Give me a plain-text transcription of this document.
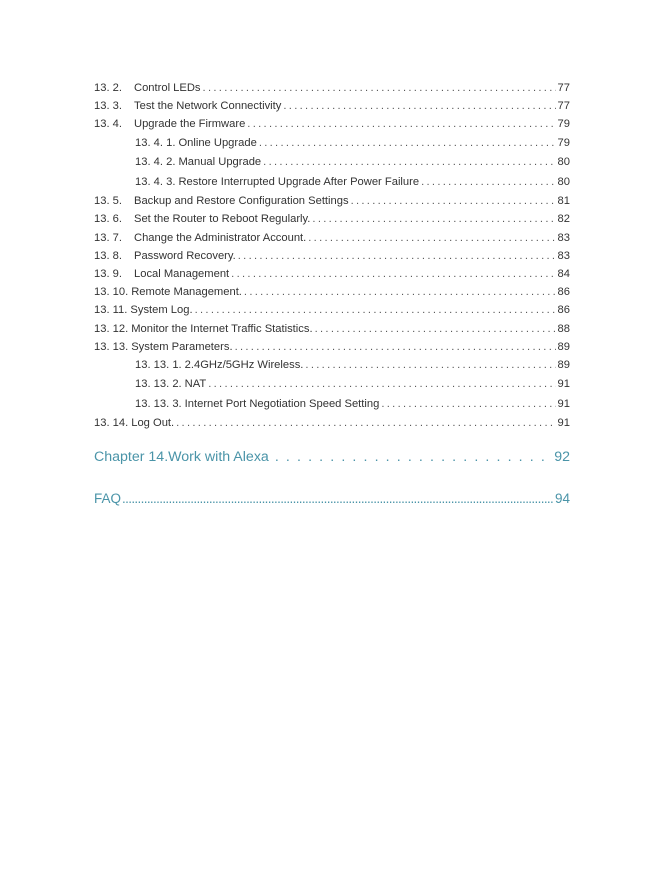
13. 2.	Control LEDs . . .	77
13. 3.	Test the Network Connectivity . . .	77
13. 4.	Upgrade the Firmware . . .	79
13. 4. 1. Online Upgrade . . .	79
13. 4. 2. Manual Upgrade . . .	80
13. 4. 3. Restore Interrupted Upgrade After Power Failure . . .	80
13. 5.	Backup and Restore Configuration Settings . . .	81
13. 6.	Set the Router to Reboot Regularly. . . .	82
13. 7.	Change the Administrator Account. . . .	83
13. 8.	Password Recovery. . . .	83
13. 9.	Local Management . . .	84
13. 10. Remote Management. . . .	86
13. 11. System Log. . . .	86
13. 12. Monitor the Internet Traffic Statistics. . . .	88
13. 13. System Parameters. . . .	89
13. 13. 1. 2.4GHz/5GHz Wireless. . . .	89
13. 13. 2. NAT . . .	91
13. 13. 3. Internet Port Negotiation Speed Setting . . .	91
13. 14. Log Out. . . .	91
Chapter 14.Work with Alexa . . .	92
FAQ . . .	94
